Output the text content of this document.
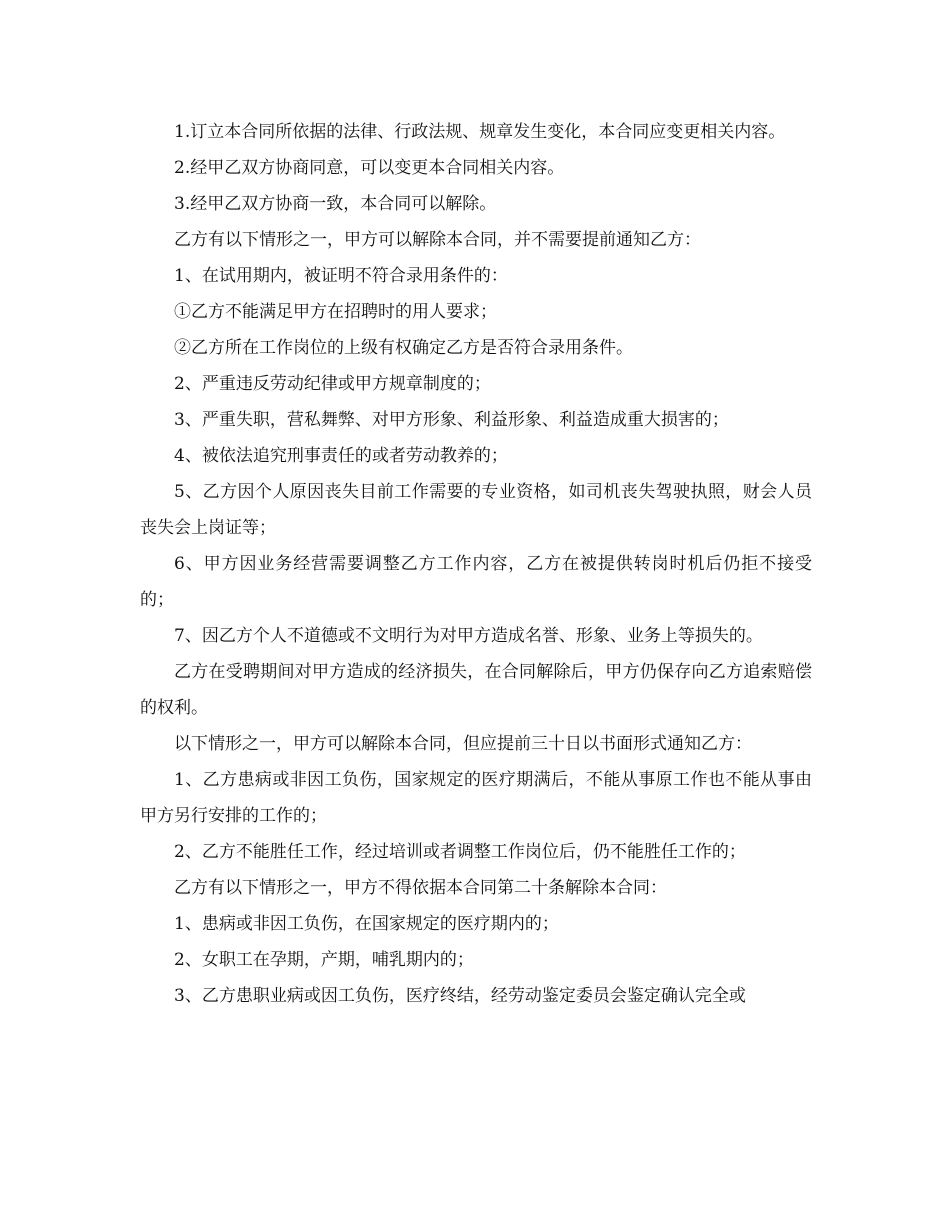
1.订立本合同所依据的法律、行政法规、规章发生变化，本合同应变更相关内容。

2.经甲乙双方协商同意，可以变更本合同相关内容。

3.经甲乙双方协商一致，本合同可以解除。

乙方有以下情形之一，甲方可以解除本合同，并不需要提前通知乙方：

1、在试用期内，被证明不符合录用条件的：

①乙方不能满足甲方在招聘时的用人要求；

②乙方所在工作岗位的上级有权确定乙方是否符合录用条件。

2、严重违反劳动纪律或甲方规章制度的；

3、严重失职，营私舞弊、对甲方形象、利益形象、利益造成重大损害的；

4、被依法追究刑事责任的或者劳动教养的；

5、乙方因个人原因丧失目前工作需要的专业资格，如司机丧失驾驶执照，财会人员丧失会上岗证等；

6、甲方因业务经营需要调整乙方工作内容，乙方在被提供转岗时机后仍拒不接受的；

7、因乙方个人不道德或不文明行为对甲方造成名誉、形象、业务上等损失的。

乙方在受聘期间对甲方造成的经济损失，在合同解除后，甲方仍保存向乙方追索赔偿的权利。

以下情形之一，甲方可以解除本合同，但应提前三十日以书面形式通知乙方：

1、乙方患病或非因工负伤，国家规定的医疗期满后，不能从事原工作也不能从事由甲方另行安排的工作的；

2、乙方不能胜任工作，经过培训或者调整工作岗位后，仍不能胜任工作的；

乙方有以下情形之一，甲方不得依据本合同第二十条解除本合同：

1、患病或非因工负伤，在国家规定的医疗期内的；

2、女职工在孕期，产期，哺乳期内的；

3、乙方患职业病或因工负伤，医疗终结，经劳动鉴定委员会鉴定确认完全或
